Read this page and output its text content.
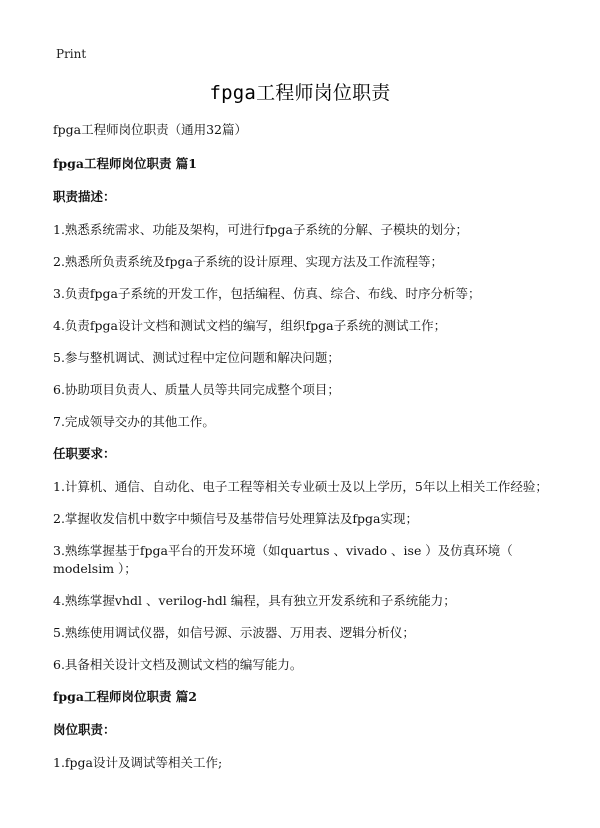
Print
fpga工程师岗位职责

fpga工程师岗位职责（通用32篇）

fpga工程师岗位职责 篇1

职责描述：

1.熟悉系统需求、功能及架构，可进行fpga子系统的分解、子模块的划分；

2.熟悉所负责系统及fpga子系统的设计原理、实现方法及工作流程等；

3.负责fpga子系统的开发工作，包括编程、仿真、综合、布线、时序分析等；

4.负责fpga设计文档和测试文档的编写，组织fpga子系统的测试工作；

5.参与整机调试、测试过程中定位问题和解决问题；

6.协助项目负责人、质量人员等共同完成整个项目；

7.完成领导交办的其他工作。

任职要求：

1.计算机、通信、自动化、电子工程等相关专业硕士及以上学历，5年以上相关工作经验；

2.掌握收发信机中数字中频信号及基带信号处理算法及fpga实现；

3.熟练掌握基于fpga平台的开发环境（如quartus 、vivado 、ise ）及仿真环境（ modelsim ）；

4.熟练掌握vhdl 、verilog-hdl 编程，具有独立开发系统和子系统能力；

5.熟练使用调试仪器，如信号源、示波器、万用表、逻辑分析仪；

6.具备相关设计文档及测试文档的编写能力。

fpga工程师岗位职责 篇2

岗位职责：

1.fpga设计及调试等相关工作;
